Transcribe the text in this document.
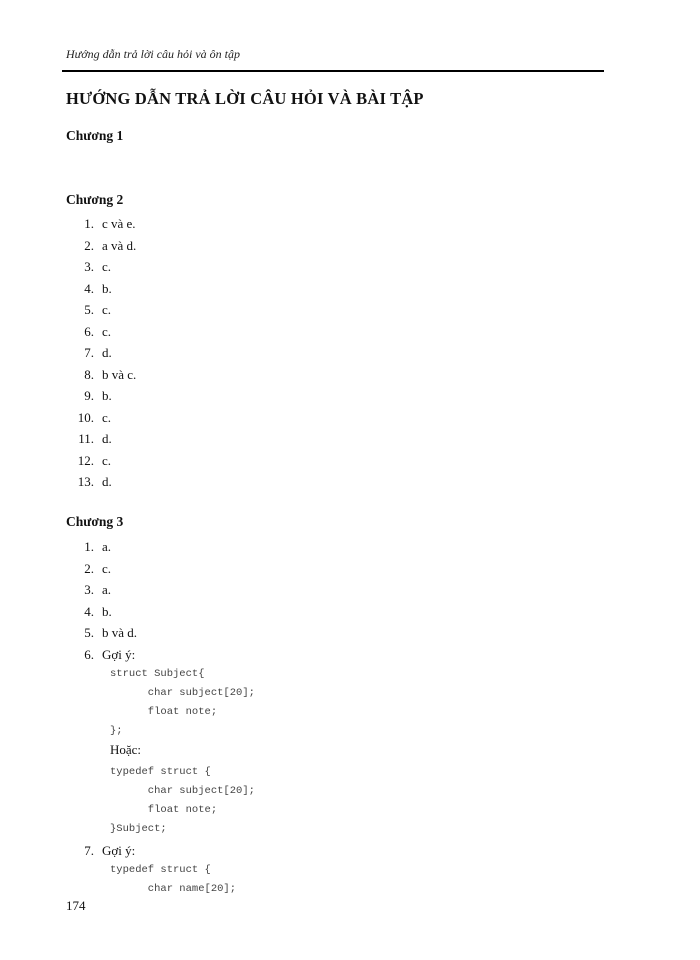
Hướng dẫn trả lời câu hỏi và ôn tập
HƯỚNG DẪN TRẢ LỜI CÂU HỎI VÀ BÀI TẬP
Chương 1
Chương 2
1. c và e.
2. a và d.
3. c.
4. b.
5. c.
6. c.
7. d.
8. b và c.
9. b.
10. c.
11. d.
12. c.
13. d.
Chương 3
1. a.
2. c.
3. a.
4. b.
5. b và d.
6. Gợi ý:
struct Subject{
char subject[20];
float note;
};
Hoặc:
typedef struct {
char subject[20];
float note;
}Subject;
7. Gợi ý:
typedef struct {
char name[20];
174
